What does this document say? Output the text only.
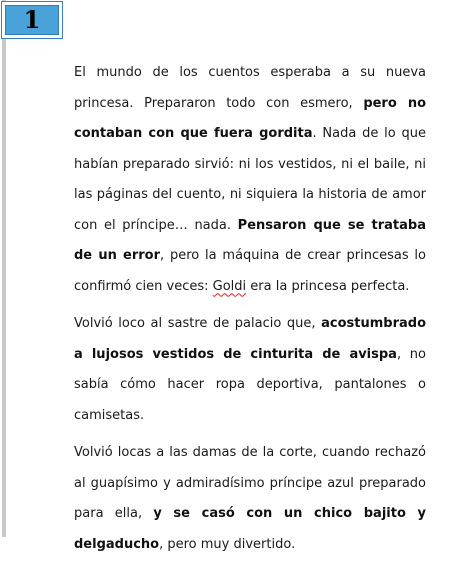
1

El mundo de los cuentos esperaba a su nueva princesa. Prepararon todo con esmero, pero no contaban con que fuera gordita. Nada de lo que habían preparado sirvió: ni los vestidos, ni el baile, ni las páginas del cuento, ni siquiera la historia de amor con el príncipe… nada. Pensaron que se trataba de un error, pero la máquina de crear princesas lo confirmó cien veces: Goldi era la princesa perfecta.

Volvió loco al sastre de palacio que, acostumbrado a lujosos vestidos de cinturita de avispa, no sabía cómo hacer ropa deportiva, pantalones o camisetas.

Volvió locas a las damas de la corte, cuando rechazó al guapísimo y admiradísimo príncipe azul preparado para ella, y se casó con un chico bajito y delgaducho, pero muy divertido.
